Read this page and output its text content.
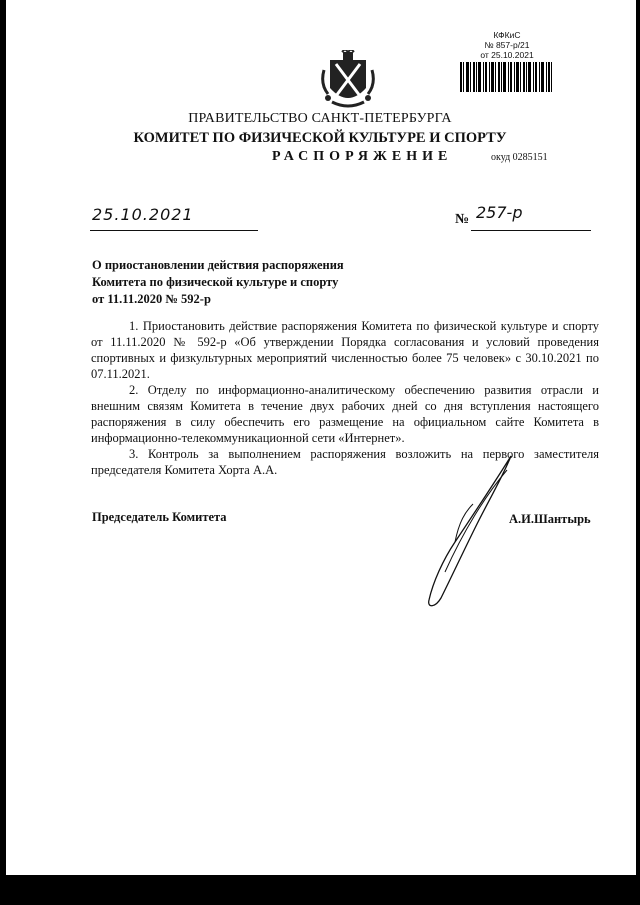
КФКиС
№ 857-р/21
от 25.10.2021
ПРАВИТЕЛЬСТВО САНКТ-ПЕТЕРБУРГА
КОМИТЕТ ПО ФИЗИЧЕСКОЙ КУЛЬТУРЕ И СПОРТУ
РАСПОРЯЖЕНИЕ	окуд 0285151
25.10.2021	№ 257-р
О приостановлении действия распоряжения
Комитета по физической культуре и спорту
от 11.11.2020 № 592-р

1. Приостановить действие распоряжения Комитета по физической культуре и спорту от 11.11.2020 № 592-р «Об утверждении Порядка согласования и условий проведения спортивных и физкультурных мероприятий численностью более 75 человек» с 30.10.2021 по 07.11.2021.

2. Отделу по информационно-аналитическому обеспечению развития отрасли и внешним связям Комитета в течение двух рабочих дней со дня вступления настоящего распоряжения в силу обеспечить его размещение на официальном сайте Комитета в информационно-телекоммуникационной сети «Интернет».

3. Контроль за выполнением распоряжения возложить на первого заместителя председателя Комитета Хорта А.А.

Председатель Комитета	А.И.Шантырь
